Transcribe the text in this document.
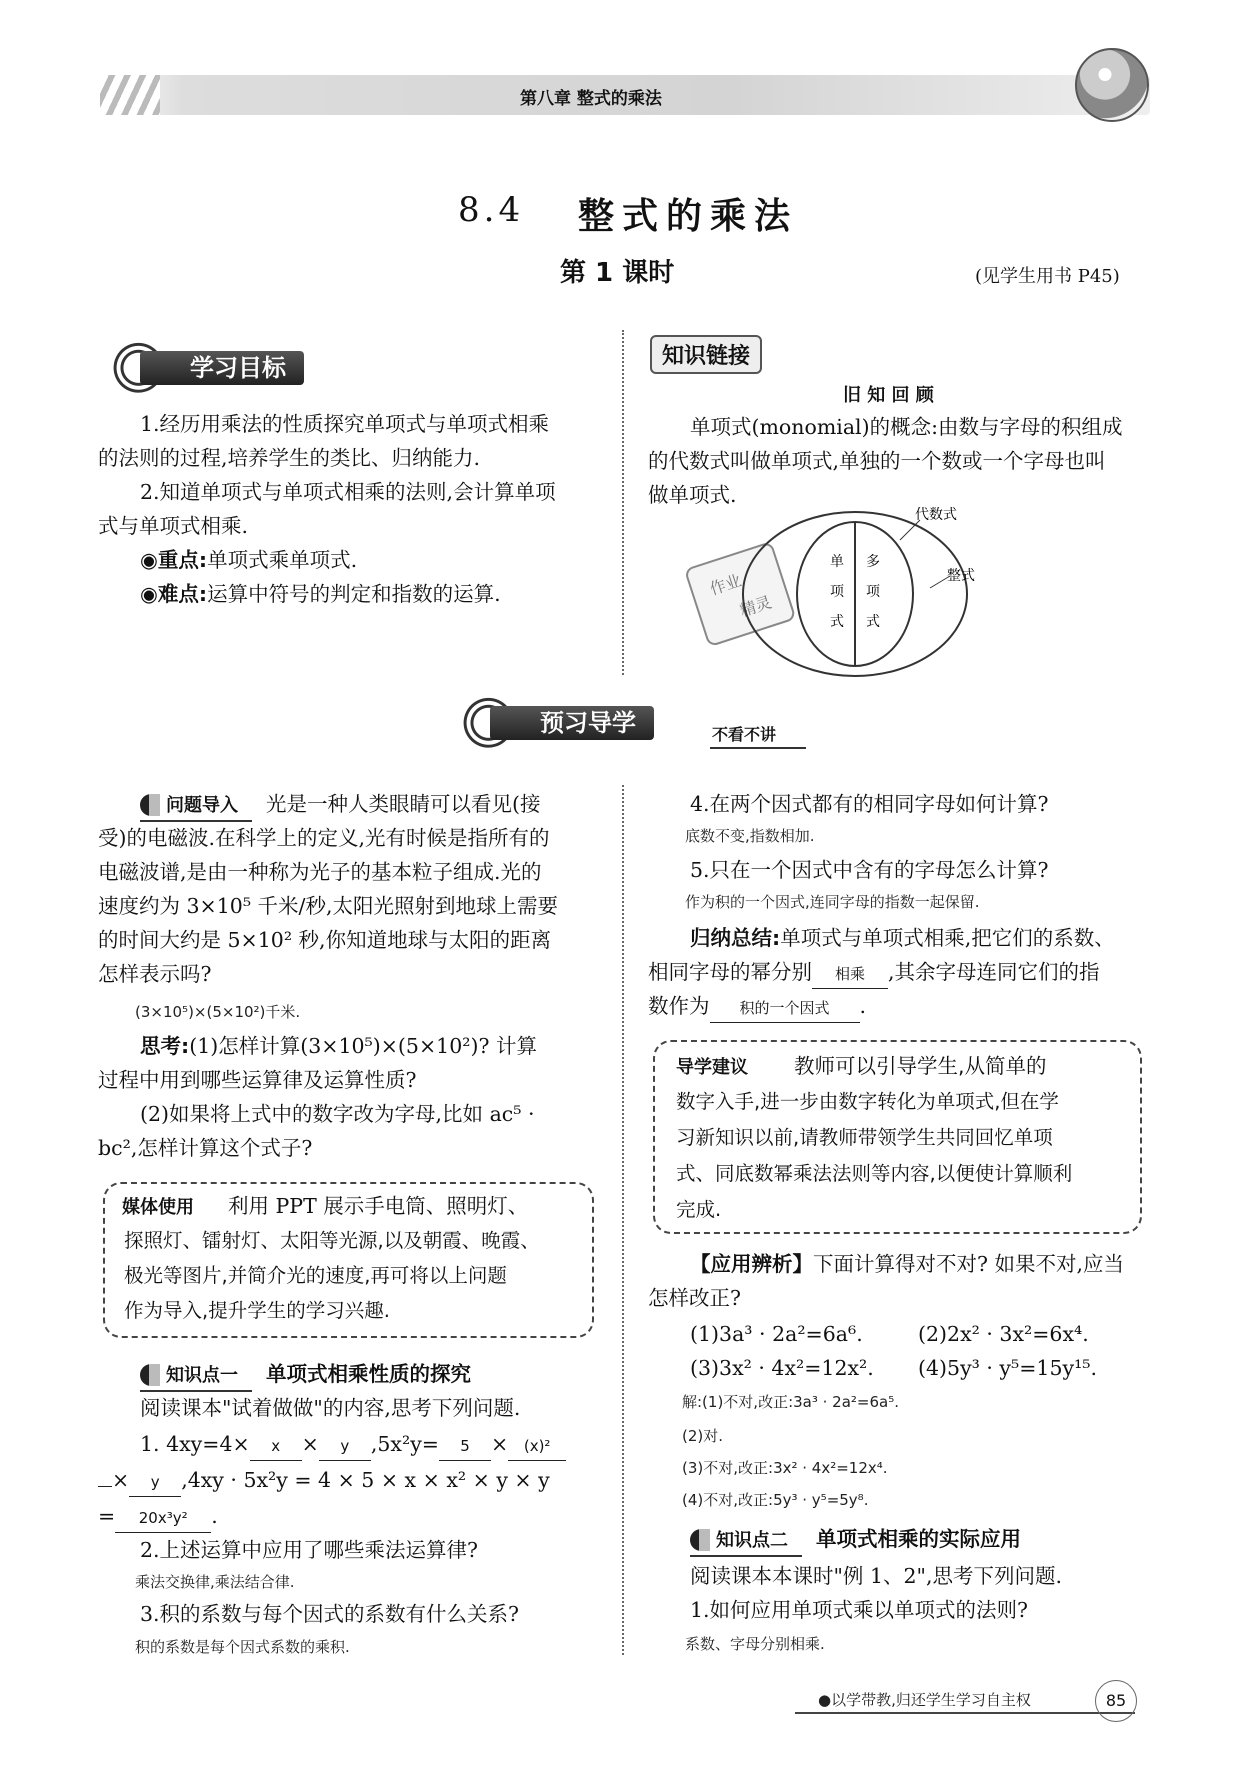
第八章 整式的乘法
8.4 整式的乘法
第 1 课时	(见学生用书 P45)
学习目标
1.经历用乘法的性质探究单项式与单项式相乘
的法则的过程,培养学生的类比、归纳能力.
2.知道单项式与单项式相乘的法则,会计算单项
式与单项式相乘.
◉重点:单项式乘单项式.
◉难点:运算中符号的判定和指数的运算.
知识链接
旧 知 回 顾
单项式(monomial)的概念:由数与字母的积组成
的代数式叫做单项式,单独的一个数或一个字母也叫
做单项式.
作业
精灵
代数式
整式
单
项
式
多
项
式
预习导学	不看不讲
问题导入 光是一种人类眼睛可以看见(接
受)的电磁波.在科学上的定义,光有时候是指所有的
电磁波谱,是由一种称为光子的基本粒子组成.光的
速度约为 3×10⁵ 千米/秒,太阳光照射到地球上需要
的时间大约是 5×10² 秒,你知道地球与太阳的距离
怎样表示吗?
(3×10⁵)×(5×10²)千米.
思考:(1)怎样计算(3×10⁵)×(5×10²)? 计算
过程中用到哪些运算律及运算性质?
(2)如果将上式中的数字改为字母,比如 ac⁵ ·
bc²,怎样计算这个式子?
媒体使用 利用 PPT 展示手电筒、照明灯、
探照灯、镭射灯、太阳等光源,以及朝霞、晚霞、
极光等图片,并简介光的速度,再可将以上问题
作为导入,提升学生的学习兴趣.
知识点一 单项式相乘性质的探究
阅读课本"试着做做"的内容,思考下列问题.
1. 4xy=4× x × y ,5x²y= 5 × (x)²
× y ,4xy · 5x²y = 4 × 5 × x × x² × y × y
= 20x³y² .
2.上述运算中应用了哪些乘法运算律?
乘法交换律,乘法结合律.
3.积的系数与每个因式的系数有什么关系?
积的系数是每个因式系数的乘积.
4.在两个因式都有的相同字母如何计算?
底数不变,指数相加.
5.只在一个因式中含有的字母怎么计算?
作为积的一个因式,连同字母的指数一起保留.
归纳总结:单项式与单项式相乘,把它们的系数、
相同字母的幂分别 相乘 ,其余字母连同它们的指
数作为 积的一个因式 .
导学建议 教师可以引导学生,从简单的
数字入手,进一步由数字转化为单项式,但在学
习新知识以前,请教师带领学生共同回忆单项
式、同底数幂乘法法则等内容,以便使计算顺利
完成.
【应用辨析】下面计算得对不对? 如果不对,应当
怎样改正?
(1)3a³ · 2a²=6a⁶.	(2)2x² · 3x²=6x⁴.
(3)3x² · 4x²=12x². (4)5y³ · y⁵=15y¹⁵.
解:(1)不对,改正:3a³ · 2a²=6a⁵.
(2)对.
(3)不对,改正:3x² · 4x²=12x⁴.
(4)不对,改正:5y³ · y⁵=5y⁸.
知识点二 单项式相乘的实际应用
阅读课本本课时"例 1、2",思考下列问题.
1.如何应用单项式乘以单项式的法则?
系数、字母分别相乘.
●以学带教,归还学生学习自主权	85
